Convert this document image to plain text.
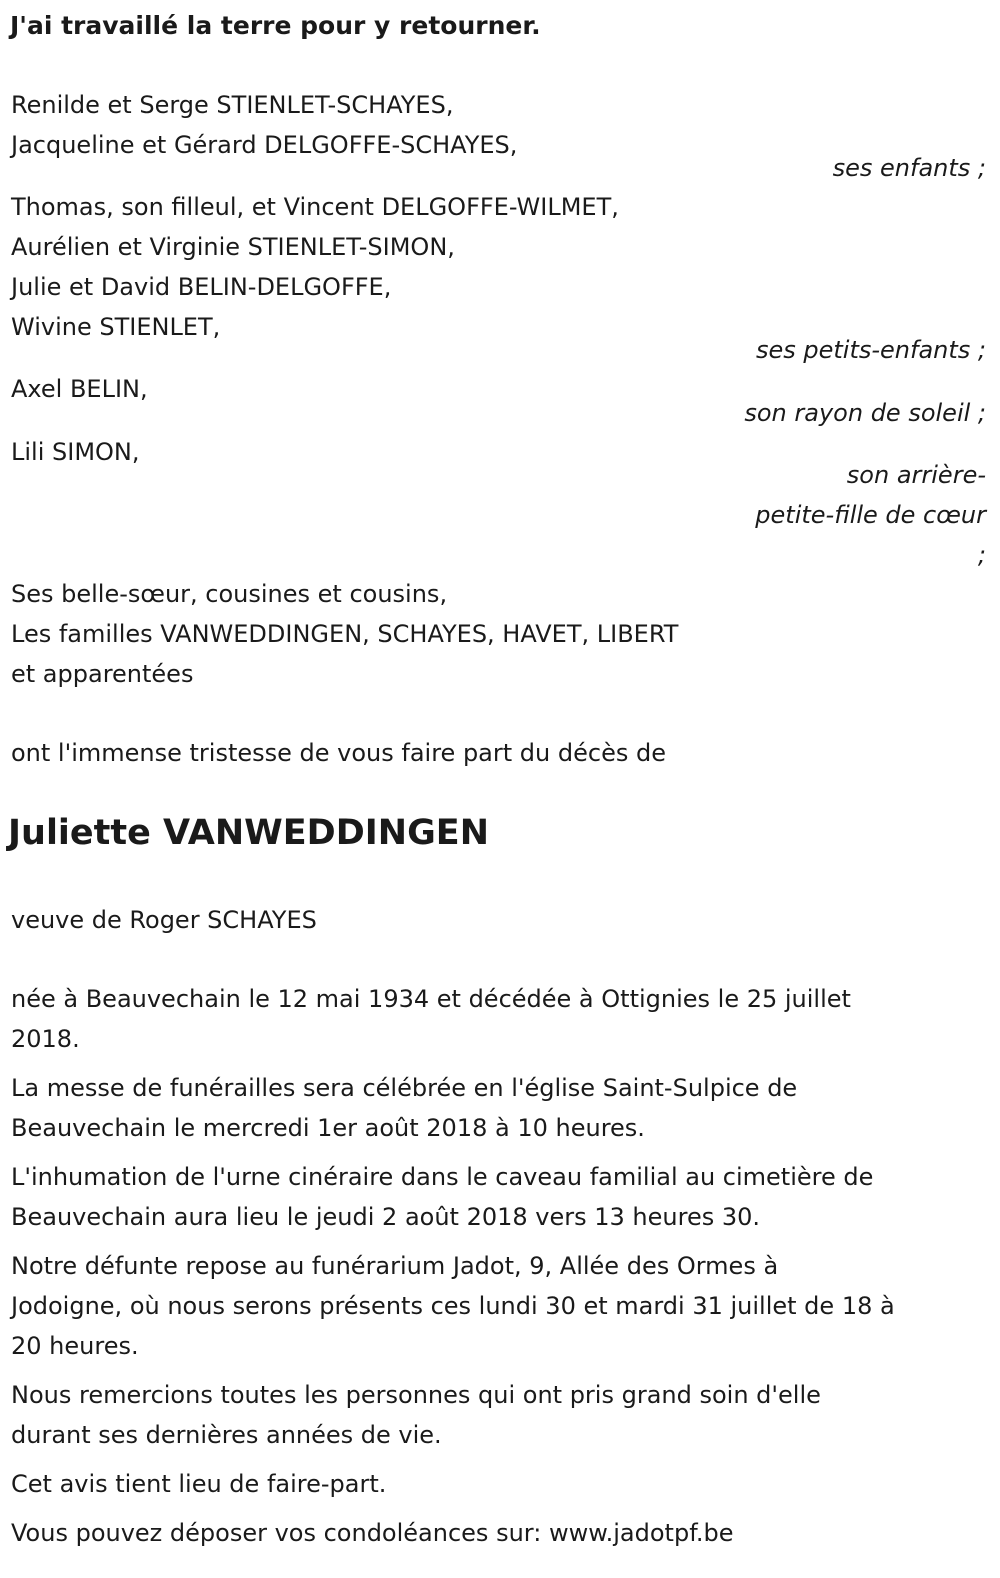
J'ai travaillé la terre pour y retourner.
Renilde et Serge STIENLET-SCHAYES,
Jacqueline et Gérard DELGOFFE-SCHAYES,
ses enfants ;
Thomas, son filleul, et Vincent DELGOFFE-WILMET,
Aurélien et Virginie STIENLET-SIMON,
Julie et David BELIN-DELGOFFE,
Wivine STIENLET,
ses petits-enfants ;
Axel BELIN,
son rayon de soleil ;
Lili SIMON,
son arrière-
petite-fille de cœur
;
Ses belle-sœur, cousines et cousins,
Les familles VANWEDDINGEN, SCHAYES, HAVET, LIBERT
et apparentées
ont l'immense tristesse de vous faire part du décès de
Juliette VANWEDDINGEN
veuve de Roger SCHAYES
née à Beauvechain le 12 mai 1934 et décédée à Ottignies le 25 juillet
2018.
La messe de funérailles sera célébrée en l'église Saint-Sulpice de
Beauvechain le mercredi 1er août 2018 à 10 heures.
L'inhumation de l'urne cinéraire dans le caveau familial au cimetière de
Beauvechain aura lieu le jeudi 2 août 2018 vers 13 heures 30.
Notre défunte repose au funérarium Jadot, 9, Allée des Ormes à
Jodoigne, où nous serons présents ces lundi 30 et mardi 31 juillet de 18 à
20 heures.
Nous remercions toutes les personnes qui ont pris grand soin d'elle
durant ses dernières années de vie.
Cet avis tient lieu de faire-part.
Vous pouvez déposer vos condoléances sur: www.jadotpf.be
